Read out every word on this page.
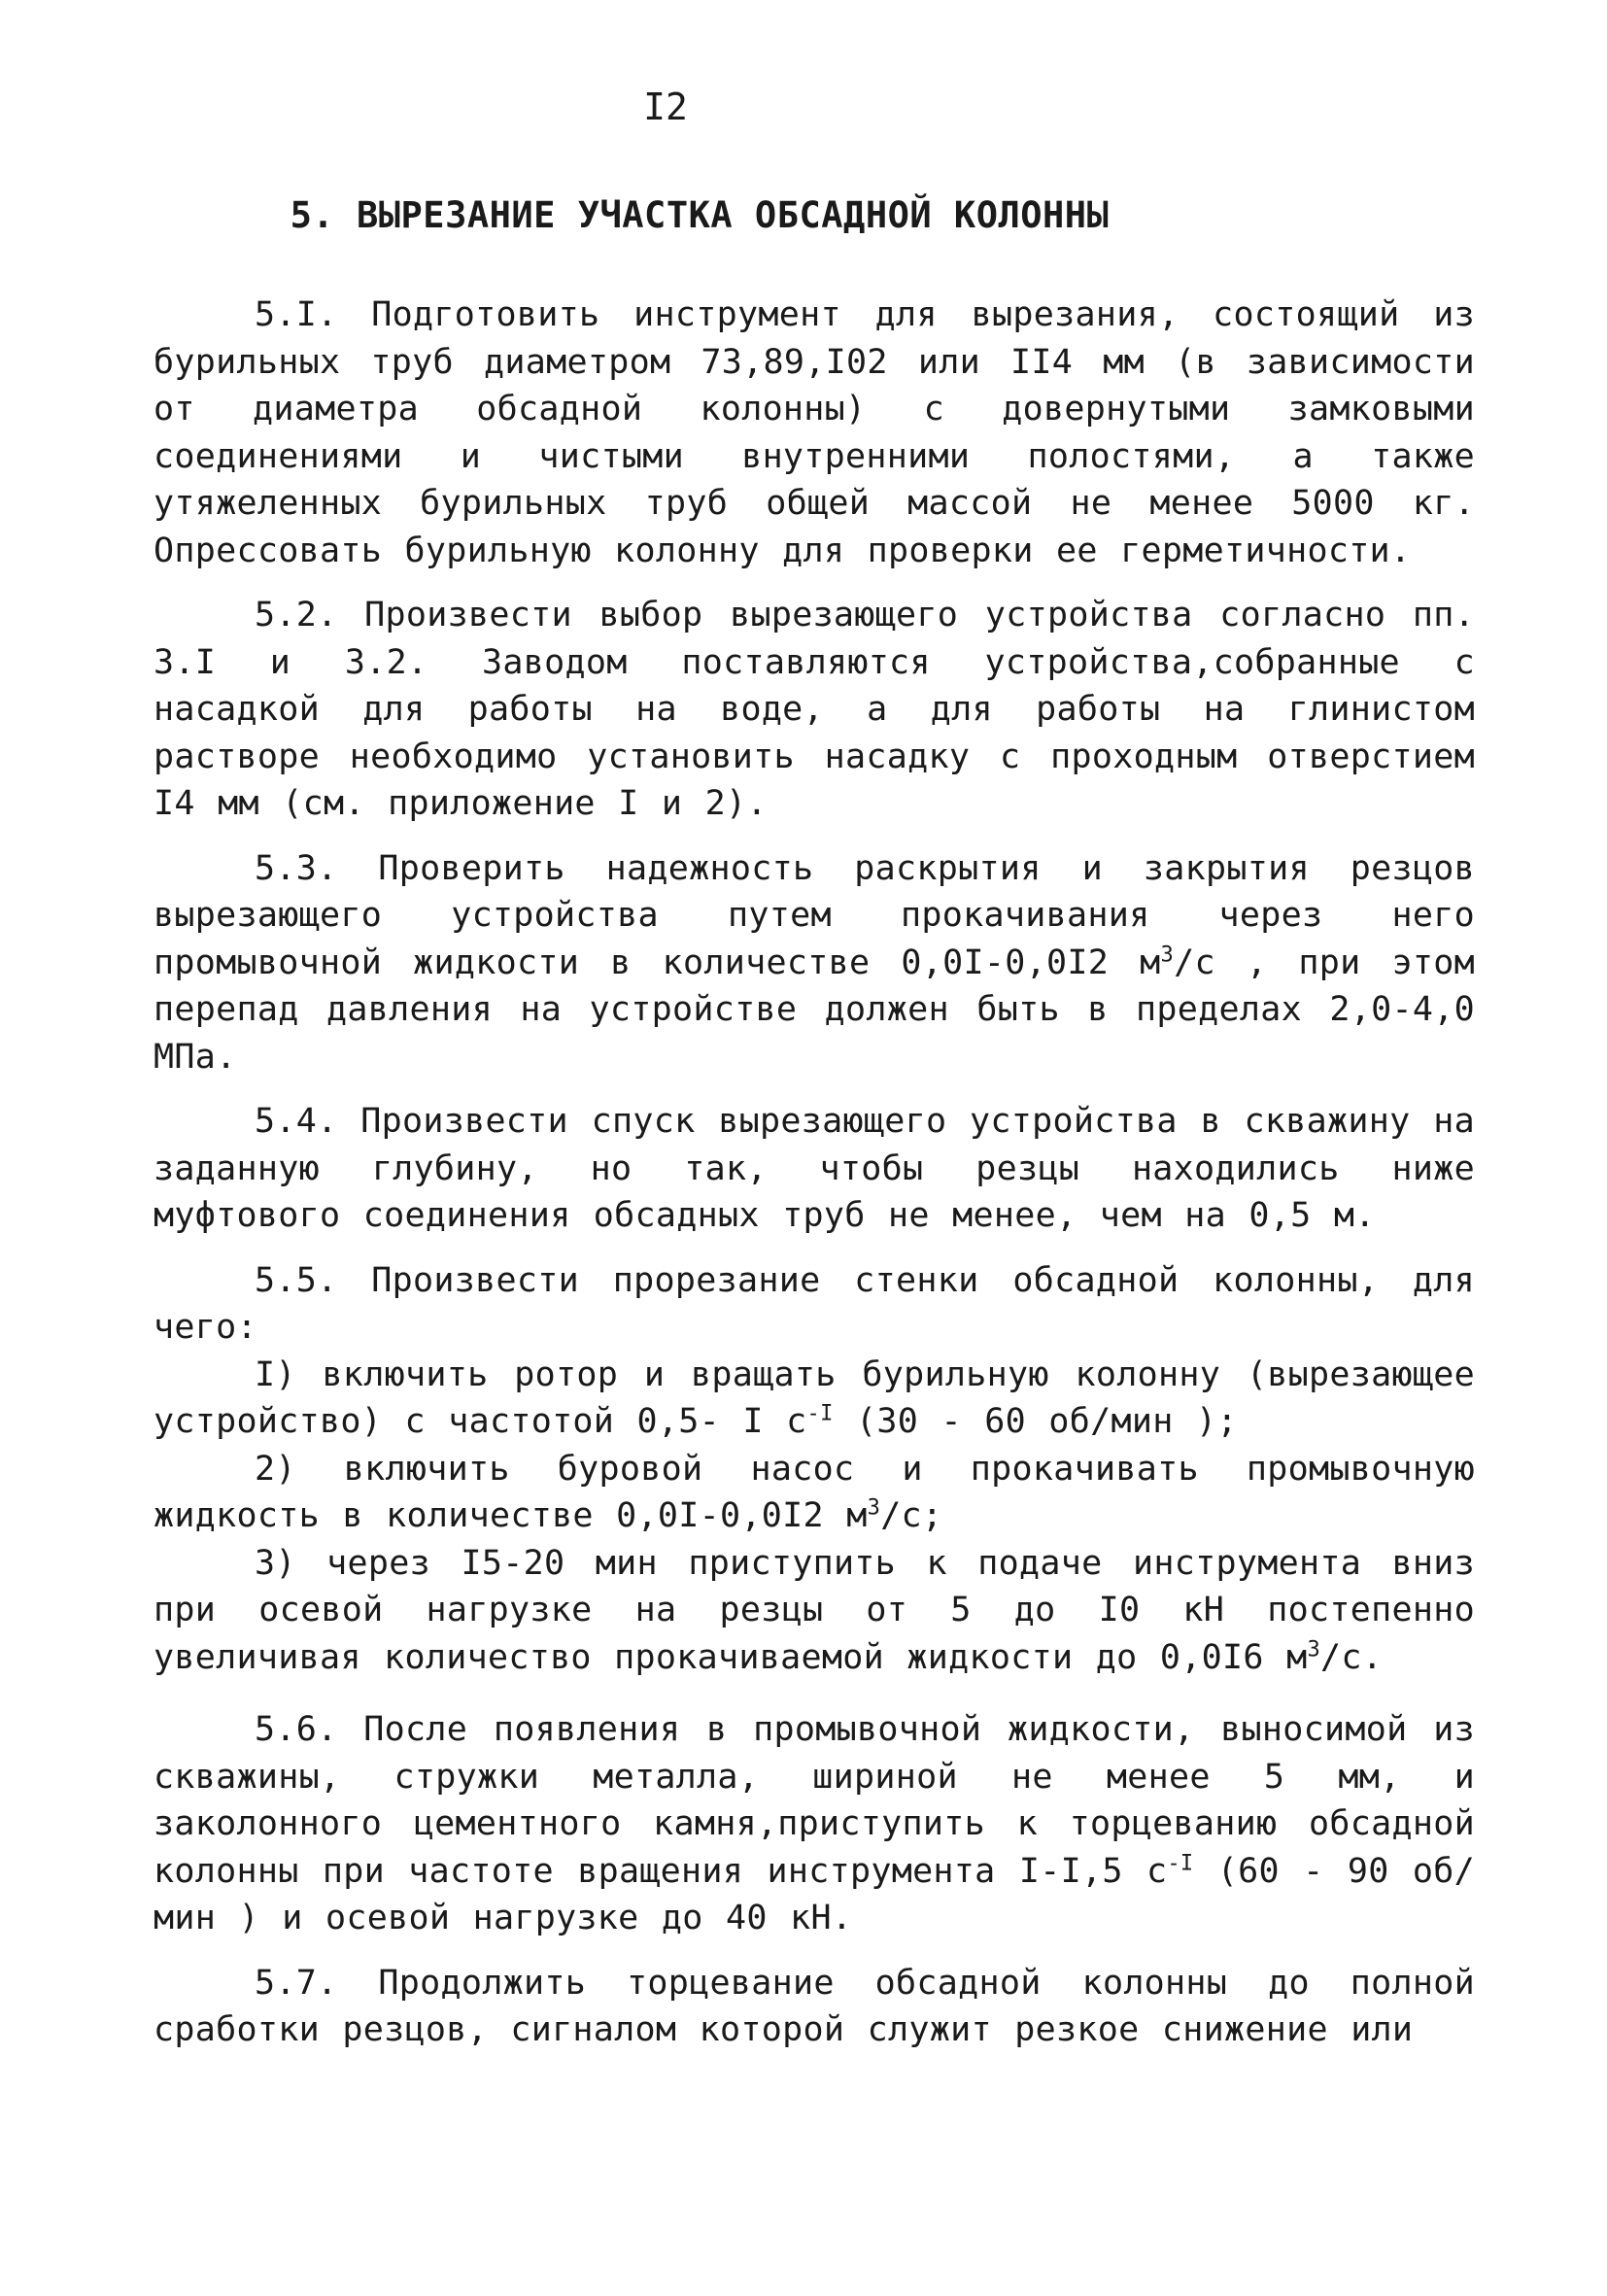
I2
5. ВЫРЕЗАНИЕ УЧАСТКА ОБСАДНОЙ КОЛОННЫ

5.I. Подготовить инструмент для вырезания, состоящий из бурильных труб диаметром 73,89,I02 или II4 мм (в зависимости от диаметра обсадной колонны) с довернутыми замковыми соединениями и чистыми внутренними полостями, а также утяжеленных бурильных труб общей массой не менее 5000 кг. Опрессовать бурильную колонну для проверки ее герметичности.

5.2. Произвести выбор вырезающего устройства согласно пп. 3.I и 3.2. Заводом поставляются устройства,собранные с насадкой для работы на воде, а для работы на глинистом растворе необходимо установить насадку с проходным отверстием I4 мм (см. приложение I и 2).

5.3. Проверить надежность раскрытия и закрытия резцов вырезающего устройства путем прокачивания через него промывочной жидкости в количестве 0,0I-0,0I2 $м^3/с$ , при этом перепад давления на устройстве должен быть в пределах 2,0-4,0 МПа.

5.4. Произвести спуск вырезающего устройства в скважину на заданную глубину, но так, чтобы резцы находились ниже муфтового соединения обсадных труб не менее, чем на 0,5 м.

5.5. Произвести прорезание стенки обсадной колонны, для чего:

I) включить ротор и вращать бурильную колонну (вырезающее устройство) с частотой 0,5- I $с^{-I}$ (30 - 60 об/мин );

2) включить буровой насос и прокачивать промывочную жидкость в количестве 0,0I-0,0I2 $м^3/с$;

3) через I5-20 мин приступить к подаче инструмента вниз при осевой нагрузке на резцы от 5 до I0 кН постепенно увеличивая количество прокачиваемой жидкости до 0,0I6 $м^3/с$.

5.6. После появления в промывочной жидкости, выносимой из скважины, стружки металла, шириной не менее 5 мм, и заколонного цементного камня,приступить к торцеванию обсадной колонны при частоте вращения инструмента I-I,5 $с^{-I}$ (60 - 90 об/мин ) и осевой нагрузке до 40 кН.

5.7. Продолжить торцевание обсадной колонны до полной сработки резцов, сигналом которой служит резкое снижение или
